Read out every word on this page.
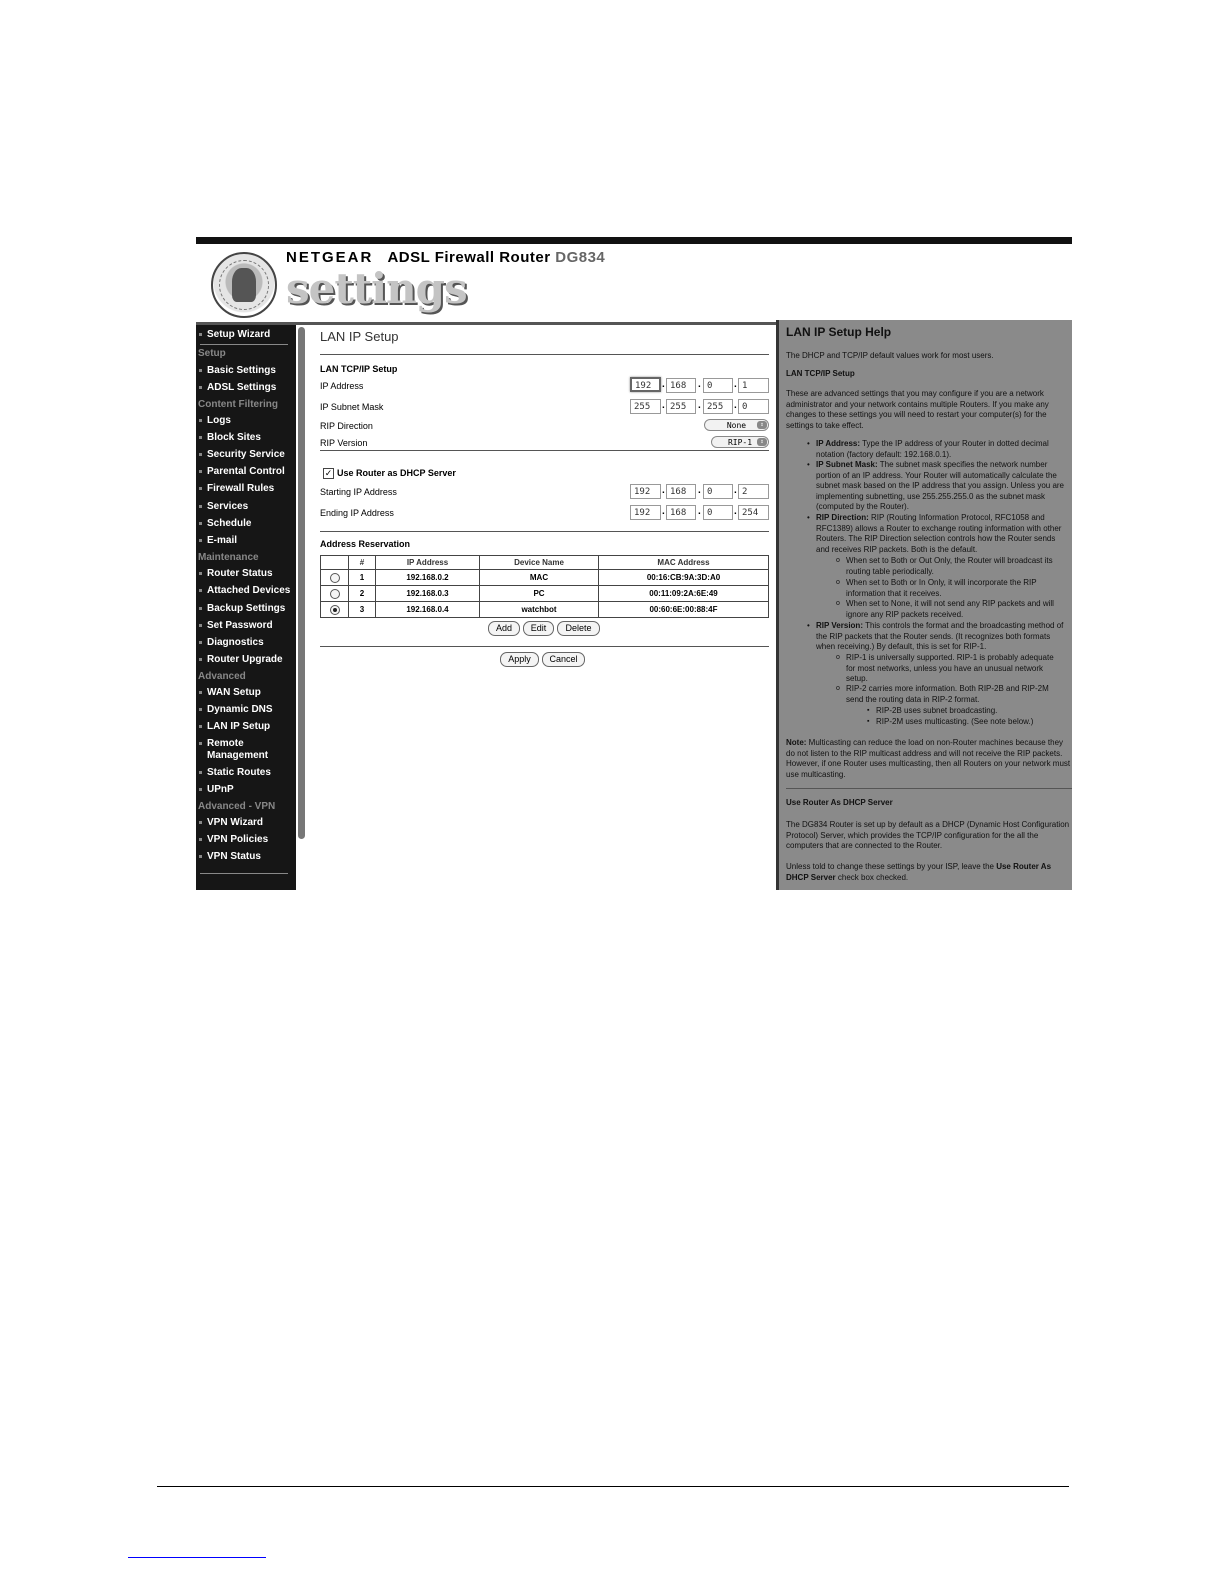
NETGEAR ADSL Firewall Router DG834
settings
Setup Wizard
Setup
Basic Settings
ADSL Settings
Content Filtering
Logs
Block Sites
Security Service
Parental Control
Firewall Rules
Services
Schedule
E-mail
Maintenance
Router Status
Attached Devices
Backup Settings
Set Password
Diagnostics
Router Upgrade
Advanced
WAN Setup
Dynamic DNS
LAN IP Setup
Remote Management
Static Routes
UPnP
Advanced - VPN
VPN Wizard
VPN Policies
VPN Status
LAN IP Setup
LAN TCP/IP Setup
IP Address	192	. 168	. 0	. 1
IP Subnet Mask	255	. 255	. 255	. 0
RIP Direction	None	⇕
RIP Version	RIP-1	⇕
✓ Use Router as DHCP Server
Starting IP Address	192	. 168	. 0	. 2
Ending IP Address	192	. 168	. 0	. 254
Address Reservation
	#	IP Address	Device Name	MAC Address
	1	192.168.0.2	MAC	00:16:CB:9A:3D:A0
	2	192.168.0.3	PC	00:11:09:2A:6E:49
	3	192.168.0.4	watchbot	00:60:6E:00:88:4F
Add	Edit	Delete
Apply	Cancel
LAN IP Setup Help
The DHCP and TCP/IP default values work for most users.
LAN TCP/IP Setup
These are advanced settings that you may configure if you are a network administrator and your network contains multiple Routers. If you make any changes to these settings you will need to restart your computer(s) for the settings to take effect.
• IP Address: Type the IP address of your Router in dotted decimal notation (factory default: 192.168.0.1).
• IP Subnet Mask: The subnet mask specifies the network number portion of an IP address. Your Router will automatically calculate the subnet mask based on the IP address that you assign. Unless you are implementing subnetting, use 255.255.255.0 as the subnet mask (computed by the Router).
• RIP Direction: RIP (Routing Information Protocol, RFC1058 and RFC1389) allows a Router to exchange routing information with other Routers. The RIP Direction selection controls how the Router sends and receives RIP packets. Both is the default.
o When set to Both or Out Only, the Router will broadcast its routing table periodically.
o When set to Both or In Only, it will incorporate the RIP information that it receives.
o When set to None, it will not send any RIP packets and will ignore any RIP packets received.
• RIP Version: This controls the format and the broadcasting method of the RIP packets that the Router sends. (It recognizes both formats when receiving.) By default, this is set for RIP-1.
o RIP-1 is universally supported. RIP-1 is probably adequate for most networks, unless you have an unusual network setup.
o RIP-2 carries more information. Both RIP-2B and RIP-2M send the routing data in RIP-2 format.
▪ RIP-2B uses subnet broadcasting.
▪ RIP-2M uses multicasting. (See note below.)
Note: Multicasting can reduce the load on non-Router machines because they do not listen to the RIP multicast address and will not receive the RIP packets. However, if one Router uses multicasting, then all Routers on your network must use multicasting.
Use Router As DHCP Server
The DG834 Router is set up by default as a DHCP (Dynamic Host Configuration Protocol) Server, which provides the TCP/IP configuration for the all the computers that are connected to the Router.
Unless told to change these settings by your ISP, leave the Use Router As DHCP Server check box checked.
